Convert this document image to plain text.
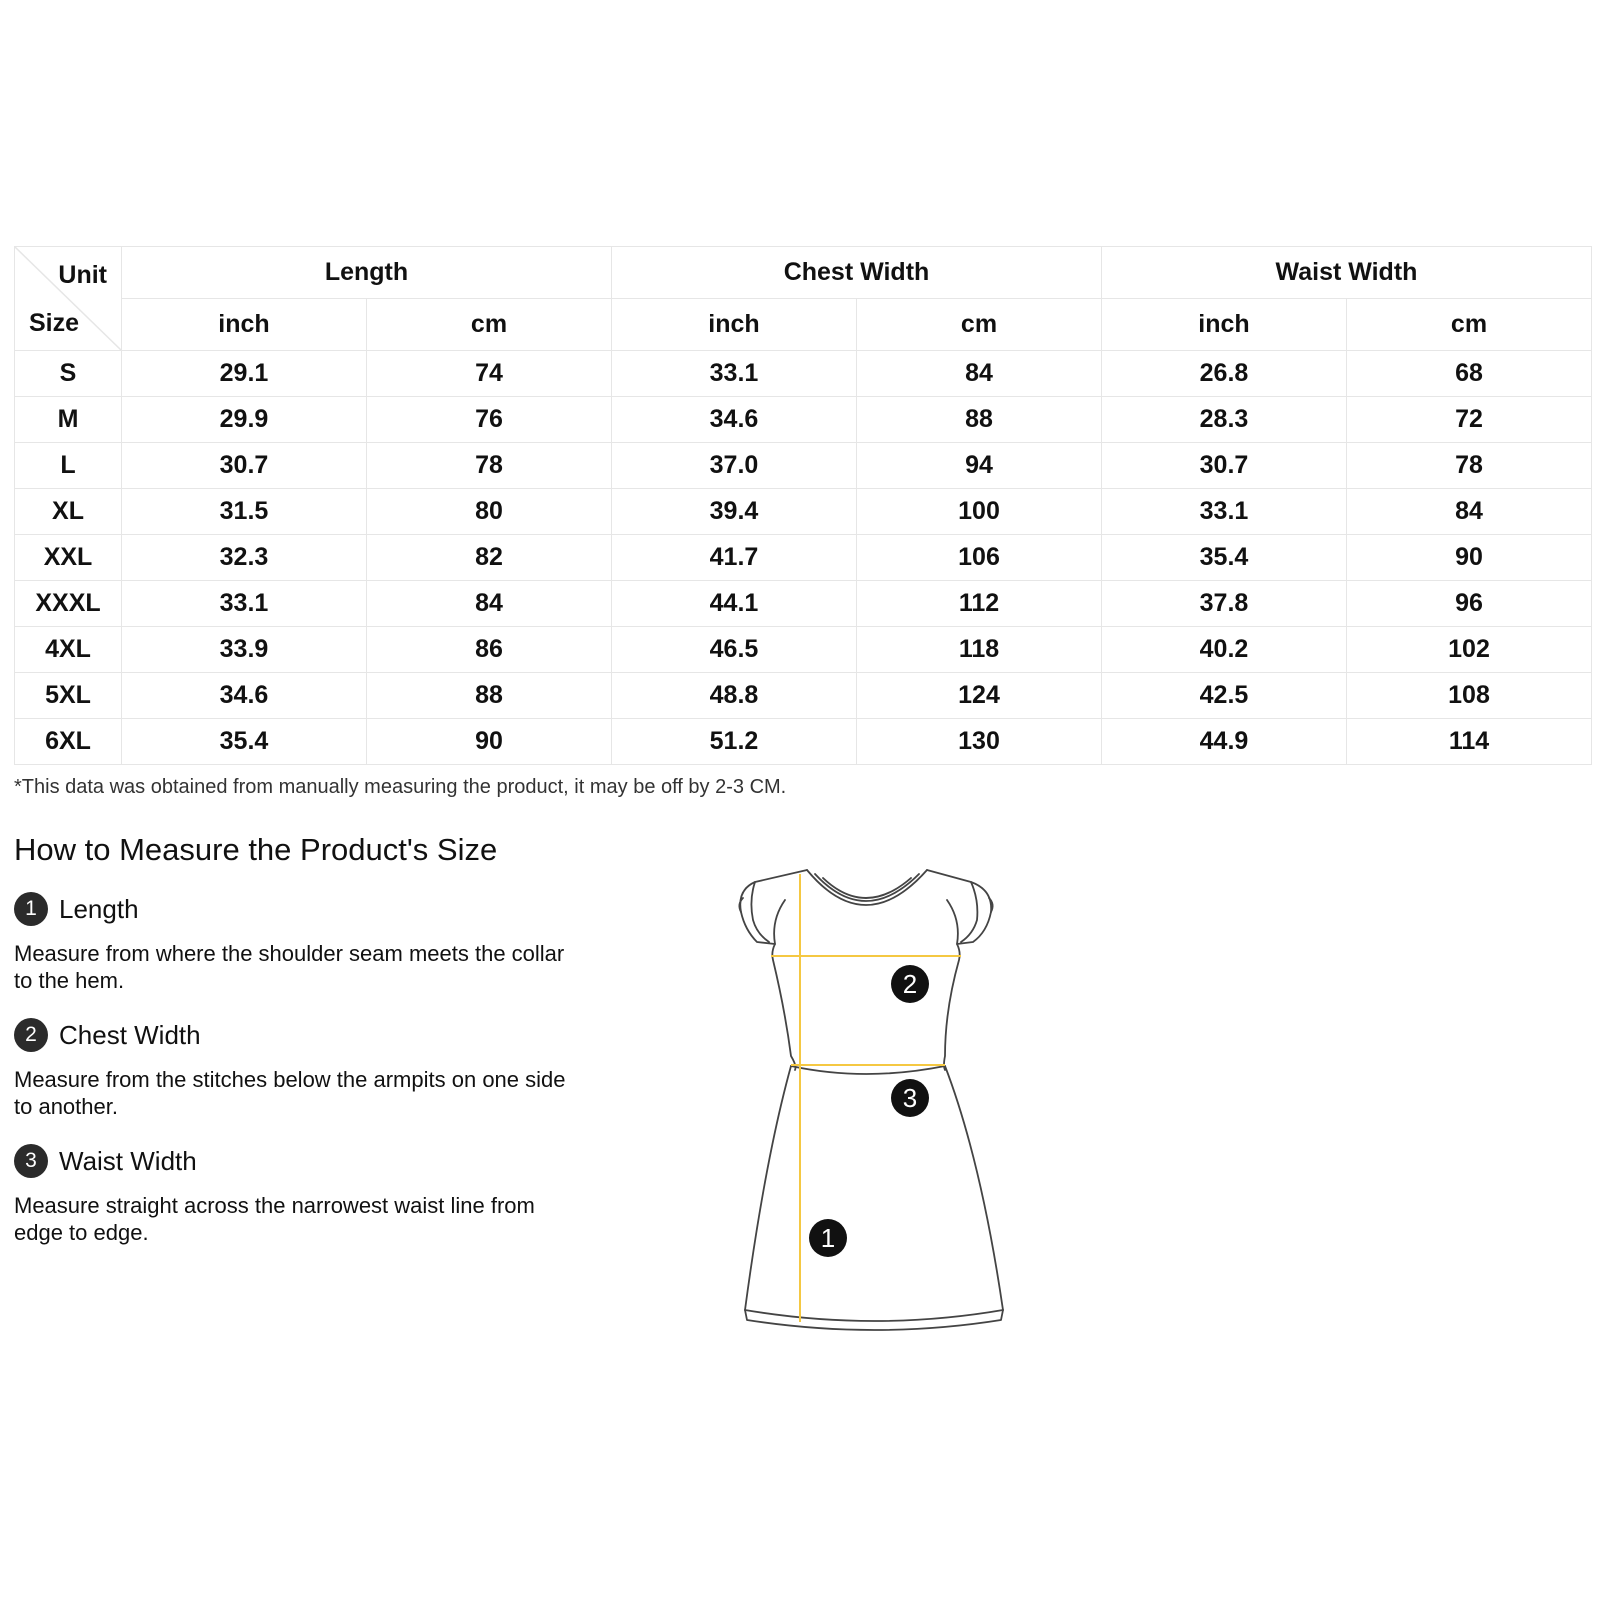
Unit
Size	Length		Chest Width		Waist Width	
	inch	cm	inch	cm	inch	cm
S	29.1	74	33.1	84	26.8	68
M	29.9	76	34.6	88	28.3	72
L	30.7	78	37.0	94	30.7	78
XL	31.5	80	39.4	100	33.1	84
XXL	32.3	82	41.7	106	35.4	90
XXXL	33.1	84	44.1	112	37.8	96
4XL	33.9	86	46.5	118	40.2	102
5XL	34.6	88	48.8	124	42.5	108
6XL	35.4	90	51.2	130	44.9	114
*This data was obtained from manually measuring the product, it may be off by 2-3 CM.
How to Measure the Product's Size
1 Length
Measure from where the shoulder seam meets the collar to the hem.
2 Chest Width
Measure from the stitches below the armpits on one side to another.
3 Waist Width
Measure straight across the narrowest waist line from edge to edge.
2
3
1
